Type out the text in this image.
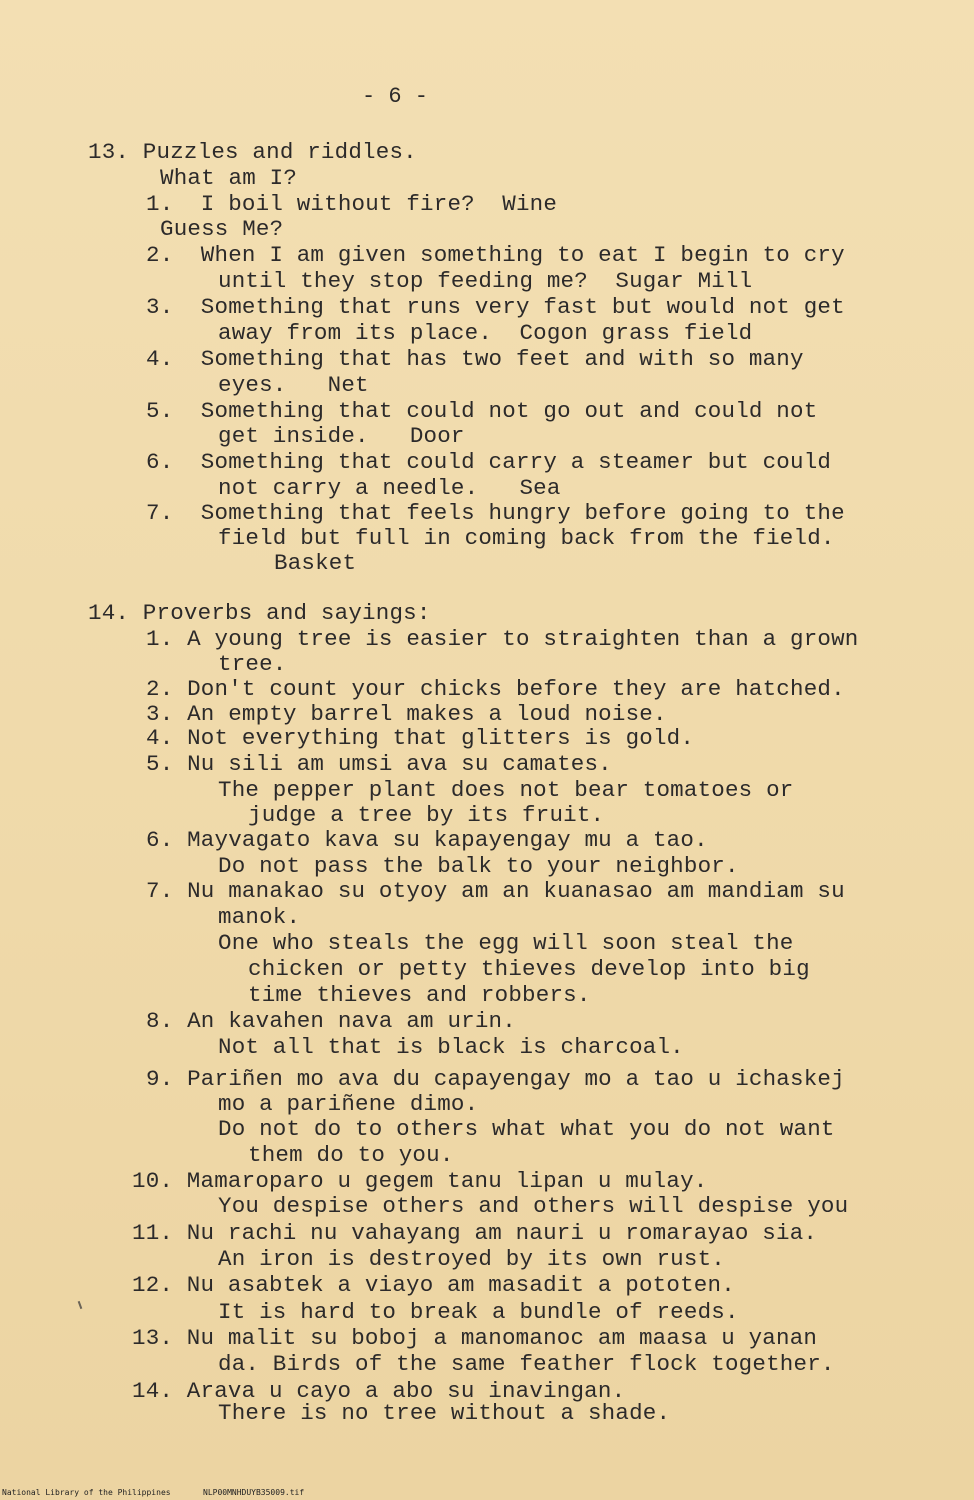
- 6 -
13. Puzzles and riddles.
What am I?
1.  I boil without fire?  Wine
Guess Me?
2.  When I am given something to eat I begin to cry
until they stop feeding me?  Sugar Mill
3.  Something that runs very fast but would not get
away from its place.  Cogon grass field
4.  Something that has two feet and with so many
eyes.   Net
5.  Something that could not go out and could not
get inside.   Door
6.  Something that could carry a steamer but could
not carry a needle.   Sea
7.  Something that feels hungry before going to the
field but full in coming back from the field.
Basket
14. Proverbs and sayings:
1. A young tree is easier to straighten than a grown
tree.
2. Don't count your chicks before they are hatched.
3. An empty barrel makes a loud noise.
4. Not everything that glitters is gold.
5. Nu sili am umsi ava su camates.
The pepper plant does not bear tomatoes or
judge a tree by its fruit.
6. Mayvagato kava su kapayengay mu a tao.
Do not pass the balk to your neighbor.
7. Nu manakao su otyoy am an kuanasao am mandiam su
manok.
One who steals the egg will soon steal the
chicken or petty thieves develop into big
time thieves and robbers.
8. An kavahen nava am urin.
Not all that is black is charcoal.
9. Pariñen mo ava du capayengay mo a tao u ichaskej
mo a pariñene dimo.
Do not do to others what what you do not want
them do to you.
10. Mamaroparo u gegem tanu lipan u mulay.
You despise others and others will despise you
11. Nu rachi nu vahayang am nauri u romarayao sia.
An iron is destroyed by its own rust.
12. Nu asabtek a viayo am masadit a pototen.
It is hard to break a bundle of reeds.
13. Nu malit su boboj a manomanoc am maasa u yanan
da. Birds of the same feather flock together.
14. Arava u cayo a abo su inavingan.
There is no tree without a shade.
National Library of the Philippines	NLP00MNHDUYB35009.tif
